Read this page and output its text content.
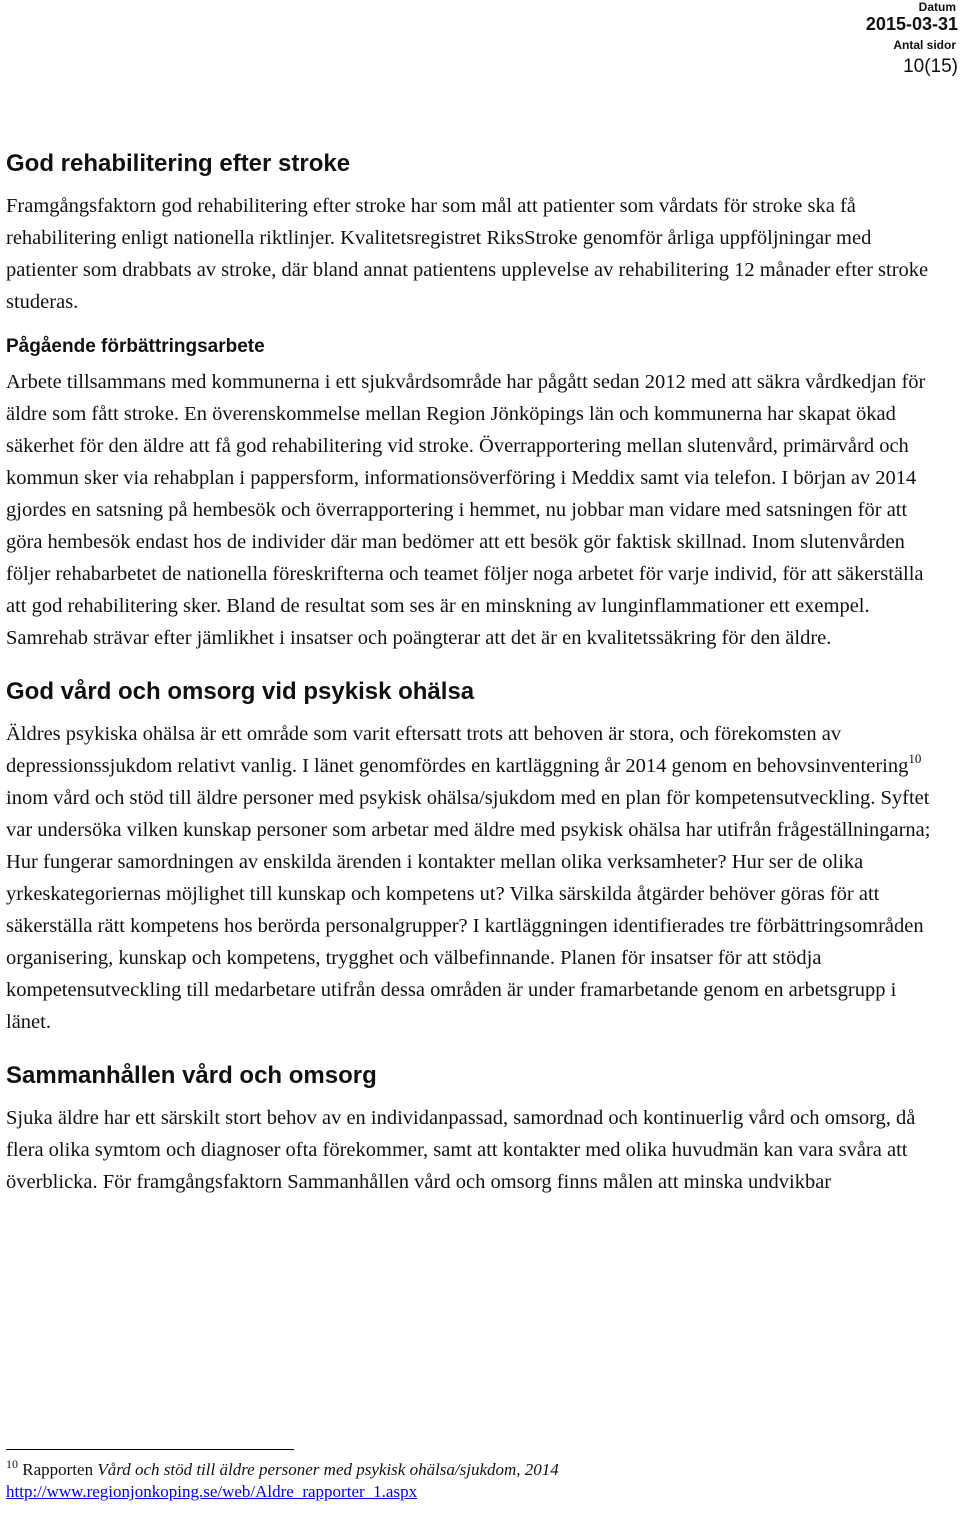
Datum
2015-03-31
Antal sidor
10(15)
God rehabilitering efter stroke

Framgångsfaktorn god rehabilitering efter stroke har som mål att patienter som vårdats för stroke ska få rehabilitering enligt nationella riktlinjer. Kvalitetsregistret RiksStroke genomför årliga uppföljningar med patienter som drabbats av stroke, där bland annat patientens upplevelse av rehabilitering 12 månader efter stroke studeras.

Pågående förbättringsarbete

Arbete tillsammans med kommunerna i ett sjukvårdsområde har pågått sedan 2012 med att säkra vårdkedjan för äldre som fått stroke. En överenskommelse mellan Region Jönköpings län och kommunerna har skapat ökad säkerhet för den äldre att få god rehabilitering vid stroke. Överrapportering mellan slutenvård, primärvård och kommun sker via rehabplan i pappersform, informationsöverföring i Meddix samt via telefon. I början av 2014 gjordes en satsning på hembesök och överrapportering i hemmet, nu jobbar man vidare med satsningen för att göra hembesök endast hos de individer där man bedömer att ett besök gör faktisk skillnad. Inom slutenvården följer rehabarbetet de nationella föreskrifterna och teamet följer noga arbetet för varje individ, för att säkerställa att god rehabilitering sker. Bland de resultat som ses är en minskning av lunginflammationer ett exempel. Samrehab strävar efter jämlikhet i insatser och poängterar att det är en kvalitetssäkring för den äldre.

God vård och omsorg vid psykisk ohälsa

Äldres psykiska ohälsa är ett område som varit eftersatt trots att behoven är stora, och förekomsten av depressionssjukdom relativt vanlig. I länet genomfördes en kartläggning år 2014 genom en behovsinventering$^{10}$ inom vård och stöd till äldre personer med psykisk ohälsa/sjukdom med en plan för kompetensutveckling. Syftet var undersöka vilken kunskap personer som arbetar med äldre med psykisk ohälsa har utifrån frågeställningarna; Hur fungerar samordningen av enskilda ärenden i kontakter mellan olika verksamheter? Hur ser de olika yrkeskategoriernas möjlighet till kunskap och kompetens ut? Vilka särskilda åtgärder behöver göras för att säkerställa rätt kompetens hos berörda personalgrupper? I kartläggningen identifierades tre förbättringsområden organisering, kunskap och kompetens, trygghet och välbefinnande. Planen för insatser för att stödja kompetensutveckling till medarbetare utifrån dessa områden är under framarbetande genom en arbetsgrupp i länet.

Sammanhållen vård och omsorg

Sjuka äldre har ett särskilt stort behov av en individanpassad, samordnad och kontinuerlig vård och omsorg, då flera olika symtom och diagnoser ofta förekommer, samt att kontakter med olika huvudmän kan vara svåra att överblicka. För framgångsfaktorn Sammanhållen vård och omsorg finns målen att minska undvikbar

$^{10}$ Rapporten Vård och stöd till äldre personer med psykisk ohälsa/sjukdom, 2014
http://www.regionjonkoping.se/web/Aldre_rapporter_1.aspx
